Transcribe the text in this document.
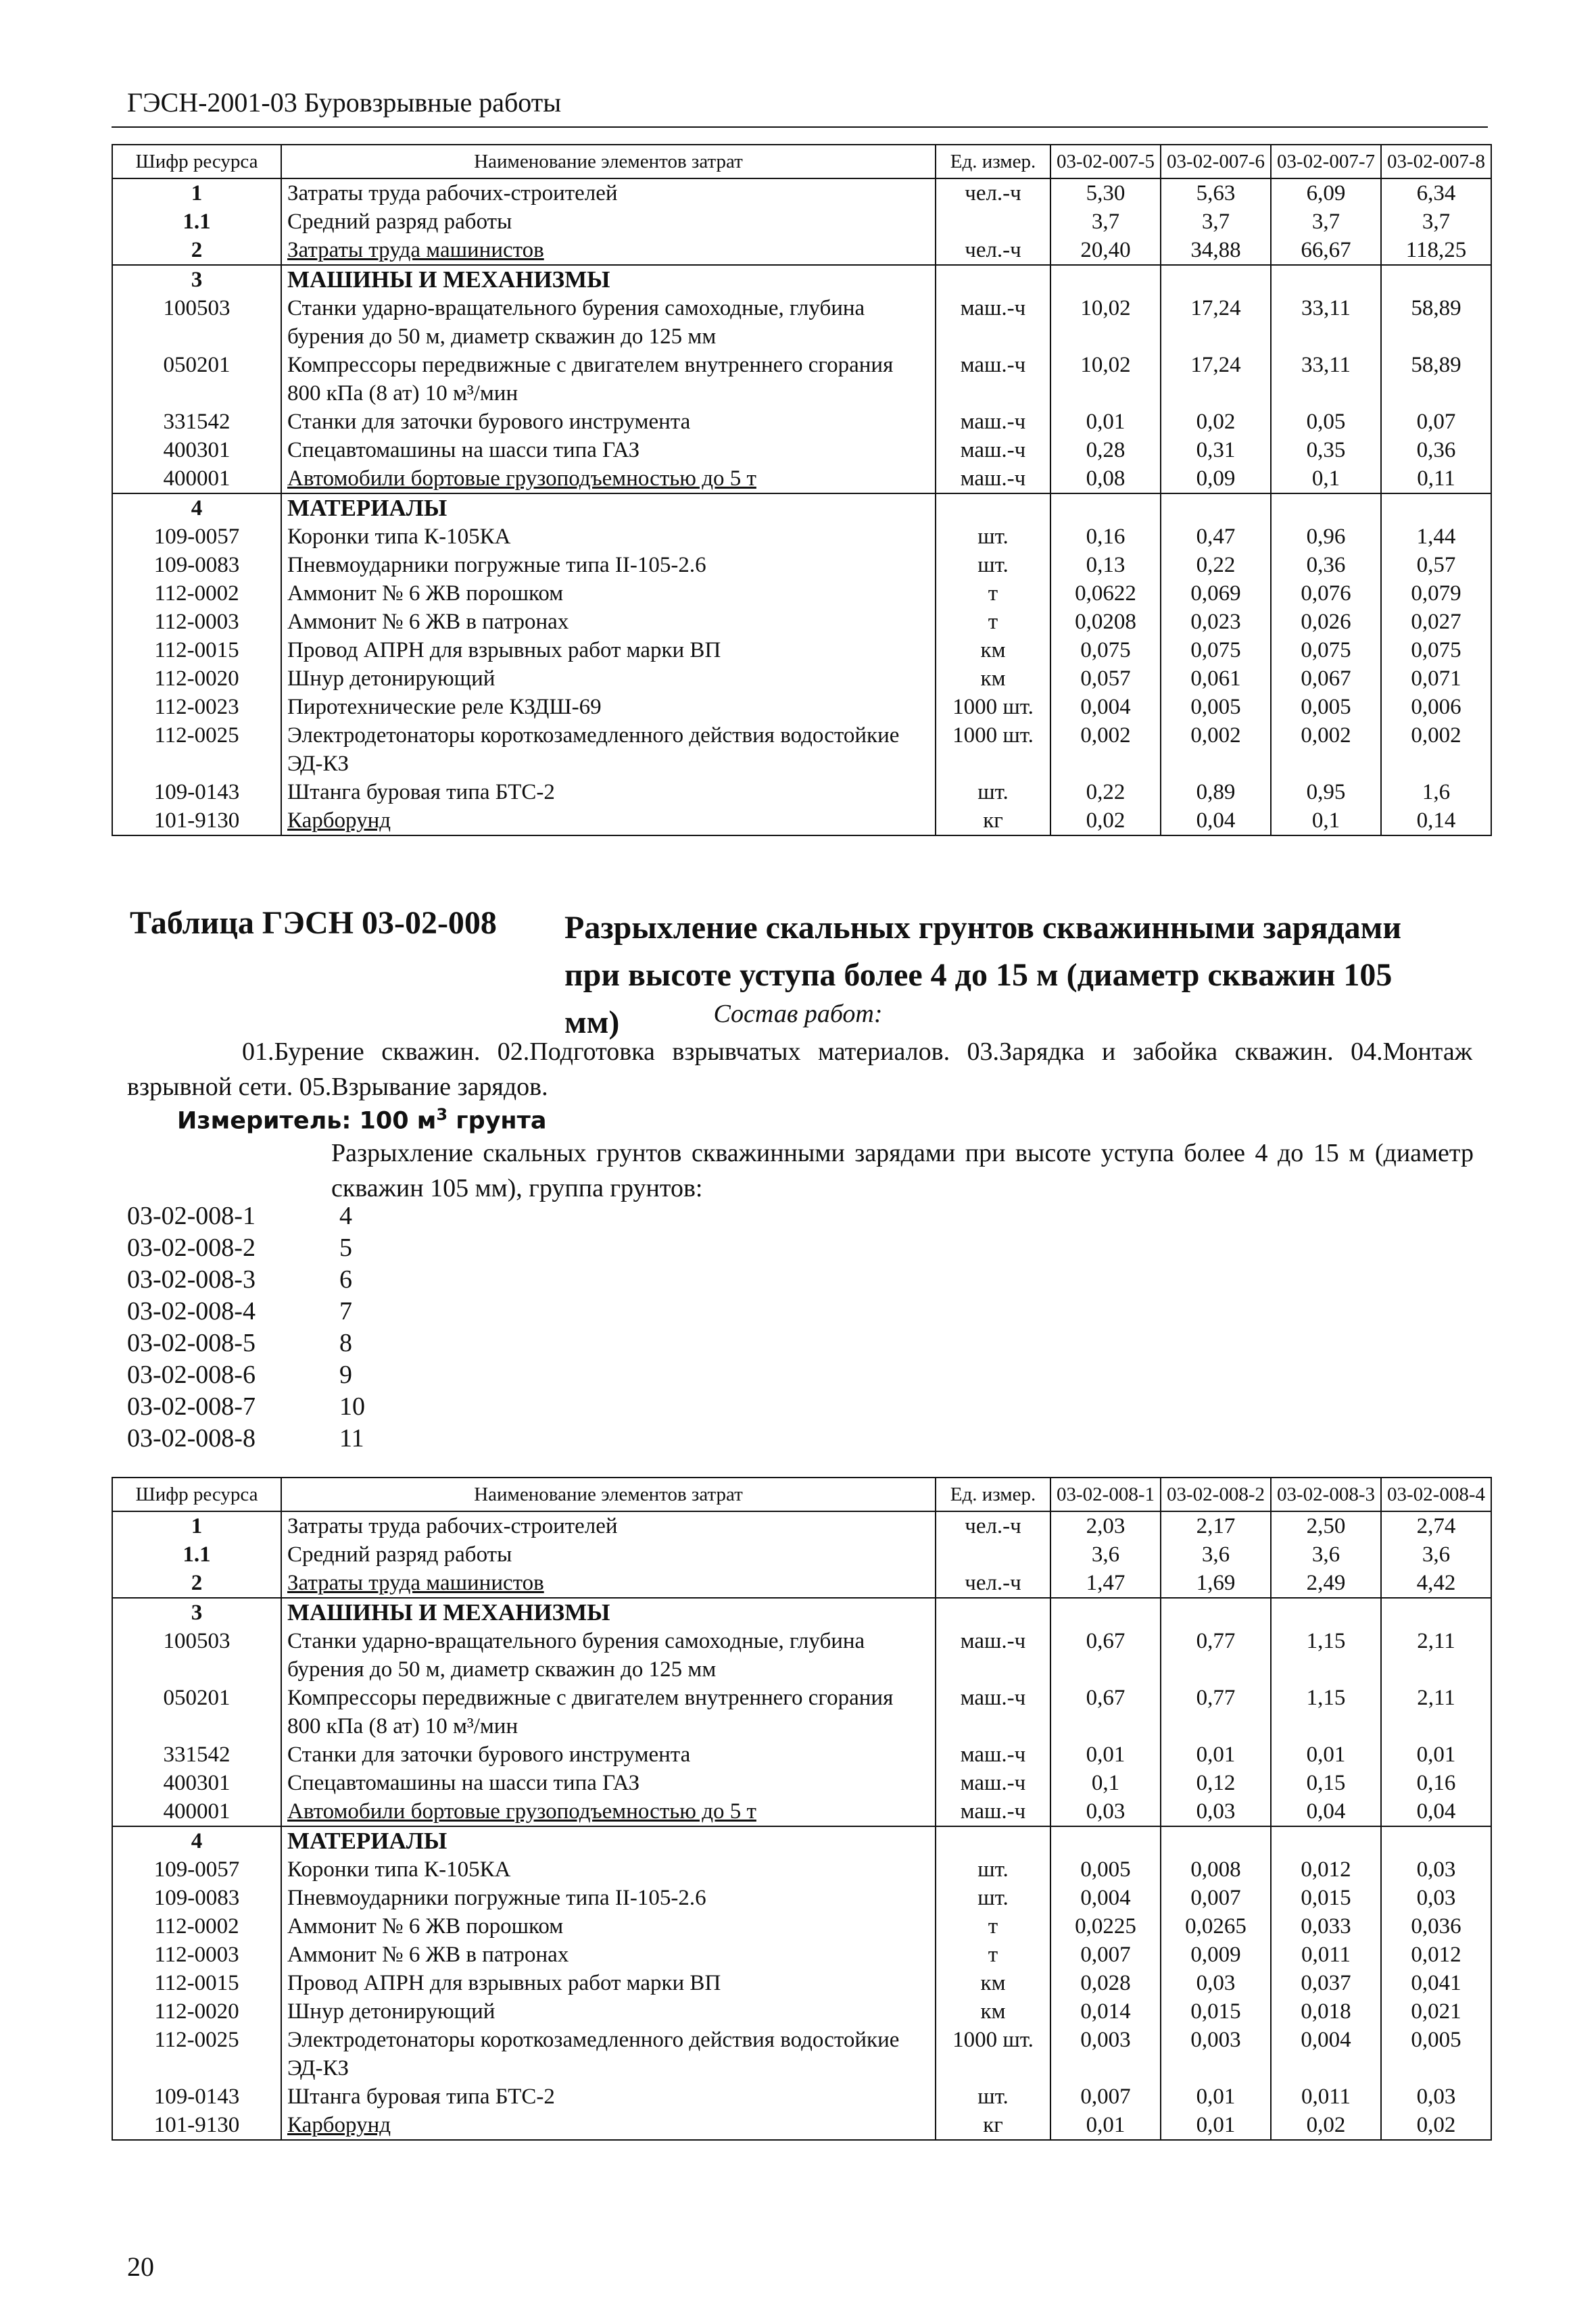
ГЭСН-2001-03 Буровзрывные работы
Шифр ресурса	Наименование элементов затрат	Ед. измер.	03-02-007-5	03-02-007-6	03-02-007-7	03-02-007-8
1	Затраты труда рабочих-строителей	чел.-ч	5,30	5,63	6,09	6,34
1.1	Средний разряд работы		3,7	3,7	3,7	3,7
2	Затраты труда машинистов	чел.-ч	20,40	34,88	66,67	118,25
3	МАШИНЫ И МЕХАНИЗМЫ					
100503	Станки ударно-вращательного бурения самоходные, глубина бурения до 50 м, диаметр скважин до 125 мм	маш.-ч	10,02	17,24	33,11	58,89
050201	Компрессоры передвижные с двигателем внутреннего сгорания 800 кПа (8 ат) 10 м³/мин	маш.-ч	10,02	17,24	33,11	58,89
331542	Станки для заточки бурового инструмента	маш.-ч	0,01	0,02	0,05	0,07
400301	Спецавтомашины на шасси типа ГАЗ	маш.-ч	0,28	0,31	0,35	0,36
400001	Автомобили бортовые грузоподъемностью до 5 т	маш.-ч	0,08	0,09	0,1	0,11
4	МАТЕРИАЛЫ					
109-0057	Коронки типа К-105КА	шт.	0,16	0,47	0,96	1,44
109-0083	Пневмоударники погружные типа II-105-2.6	шт.	0,13	0,22	0,36	0,57
112-0002	Аммонит № 6 ЖВ порошком	т	0,0622	0,069	0,076	0,079
112-0003	Аммонит № 6 ЖВ в патронах	т	0,0208	0,023	0,026	0,027
112-0015	Провод АПРН для взрывных работ марки ВП	км	0,075	0,075	0,075	0,075
112-0020	Шнур детонирующий	км	0,057	0,061	0,067	0,071
112-0023	Пиротехнические реле КЗДШ-69	1000 шт.	0,004	0,005	0,005	0,006
112-0025	Электродетонаторы короткозамедленного действия водостойкие ЭД-КЗ	1000 шт.	0,002	0,002	0,002	0,002
109-0143	Штанга буровая типа БТС-2	шт.	0,22	0,89	0,95	1,6
101-9130	Карборунд	кг	0,02	0,04	0,1	0,14
Таблица ГЭСН 03-02-008 Разрыхление скальных грунтов скважинными зарядами при высоте уступа более 4 до 15 м (диаметр скважин 105 мм)	Состав работ:
01.Бурение скважин. 02.Подготовка взрывчатых материалов. 03.Зарядка и забойка скважин. 04.Монтаж взрывной сети. 05.Взрывание зарядов.
Измеритель: 100 $м^3$ грунта
Разрыхление скальных грунтов скважинными зарядами при высоте уступа более 4 до 15 м (диаметр скважин 105 мм), группа грунтов:
03-02-008-1	4
03-02-008-2	5
03-02-008-3	6
03-02-008-4	7
03-02-008-5	8
03-02-008-6	9
03-02-008-7	10
03-02-008-8	11
Шифр ресурса	Наименование элементов затрат	Ед. измер.	03-02-008-1	03-02-008-2	03-02-008-3	03-02-008-4
1	Затраты труда рабочих-строителей	чел.-ч	2,03	2,17	2,50	2,74
1.1	Средний разряд работы		3,6	3,6	3,6	3,6
2	Затраты труда машинистов	чел.-ч	1,47	1,69	2,49	4,42
3	МАШИНЫ И МЕХАНИЗМЫ					
100503	Станки ударно-вращательного бурения самоходные, глубина бурения до 50 м, диаметр скважин до 125 мм	маш.-ч	0,67	0,77	1,15	2,11
050201	Компрессоры передвижные с двигателем внутреннего сгорания 800 кПа (8 ат) 10 м³/мин	маш.-ч	0,67	0,77	1,15	2,11
331542	Станки для заточки бурового инструмента	маш.-ч	0,01	0,01	0,01	0,01
400301	Спецавтомашины на шасси типа ГАЗ	маш.-ч	0,1	0,12	0,15	0,16
400001	Автомобили бортовые грузоподъемностью до 5 т	маш.-ч	0,03	0,03	0,04	0,04
4	МАТЕРИАЛЫ					
109-0057	Коронки типа К-105КА	шт.	0,005	0,008	0,012	0,03
109-0083	Пневмоударники погружные типа II-105-2.6	шт.	0,004	0,007	0,015	0,03
112-0002	Аммонит № 6 ЖВ порошком	т	0,0225	0,0265	0,033	0,036
112-0003	Аммонит № 6 ЖВ в патронах	т	0,007	0,009	0,011	0,012
112-0015	Провод АПРН для взрывных работ марки ВП	км	0,028	0,03	0,037	0,041
112-0020	Шнур детонирующий	км	0,014	0,015	0,018	0,021
112-0025	Электродетонаторы короткозамедленного действия водостойкие ЭД-КЗ	1000 шт.	0,003	0,003	0,004	0,005
109-0143	Штанга буровая типа БТС-2	шт.	0,007	0,01	0,011	0,03
101-9130	Карборунд	кг	0,01	0,01	0,02	0,02
20
